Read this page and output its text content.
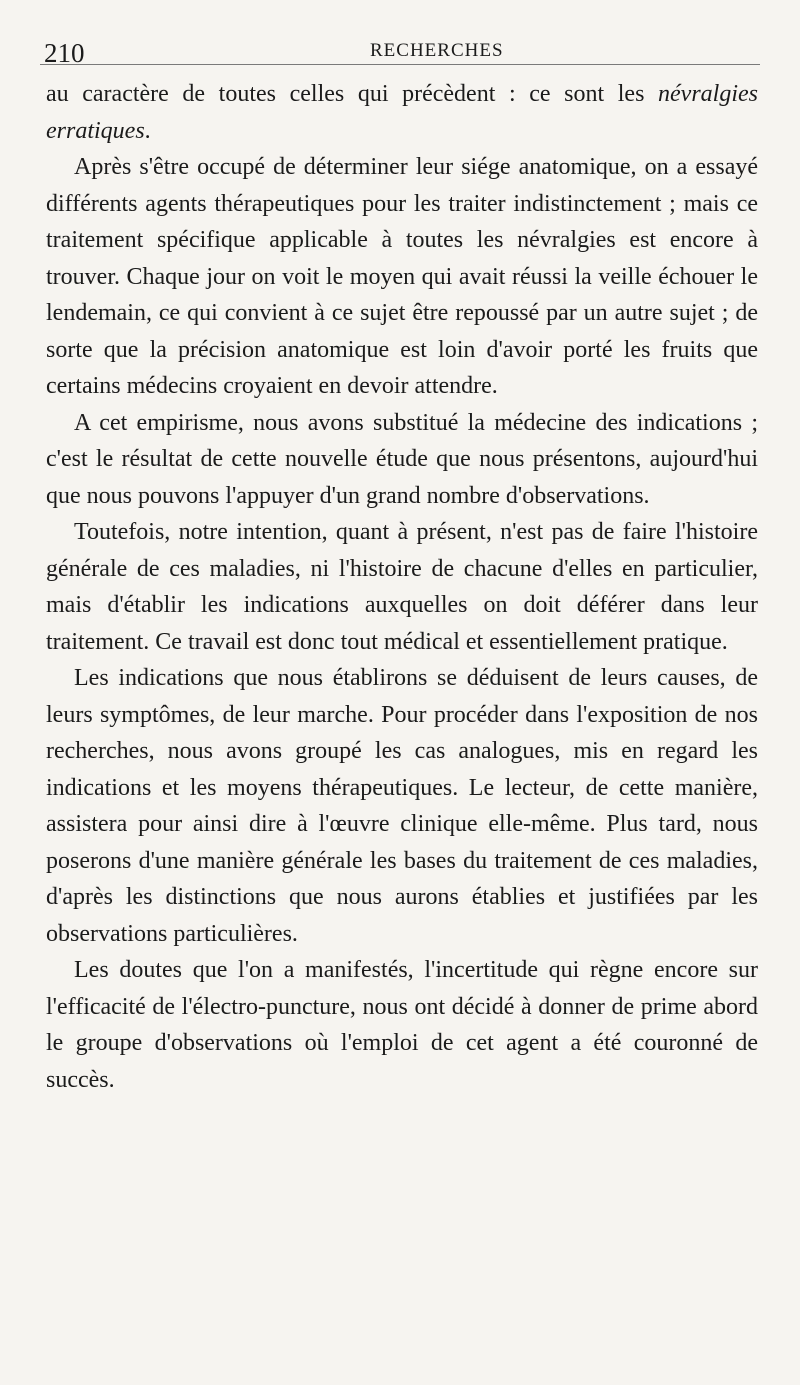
210	RECHERCHES

au caractère de toutes celles qui précèdent : ce sont les névralgies erratiques.

Après s'être occupé de déterminer leur siége anatomique, on a essayé différents agents thérapeutiques pour les traiter indistinctement ; mais ce traitement spécifique applicable à toutes les névralgies est encore à trouver. Chaque jour on voit le moyen qui avait réussi la veille échouer le lendemain, ce qui convient à ce sujet être repoussé par un autre sujet ; de sorte que la précision anatomique est loin d'avoir porté les fruits que certains médecins croyaient en devoir attendre.

A cet empirisme, nous avons substitué la médecine des indications ; c'est le résultat de cette nouvelle étude que nous présentons, aujourd'hui que nous pouvons l'appuyer d'un grand nombre d'observations.

Toutefois, notre intention, quant à présent, n'est pas de faire l'histoire générale de ces maladies, ni l'histoire de chacune d'elles en particulier, mais d'établir les indications auxquelles on doit déférer dans leur traitement. Ce travail est donc tout médical et essentiellement pratique.

Les indications que nous établirons se déduisent de leurs causes, de leurs symptômes, de leur marche. Pour procéder dans l'exposition de nos recherches, nous avons groupé les cas analogues, mis en regard les indications et les moyens thérapeutiques. Le lecteur, de cette manière, assistera pour ainsi dire à l'œuvre clinique elle-même. Plus tard, nous poserons d'une manière générale les bases du traitement de ces maladies, d'après les distinctions que nous aurons établies et justifiées par les observations particulières.

Les doutes que l'on a manifestés, l'incertitude qui règne encore sur l'efficacité de l'électro-puncture, nous ont décidé à donner de prime abord le groupe d'observations où l'emploi de cet agent a été couronné de succès.
